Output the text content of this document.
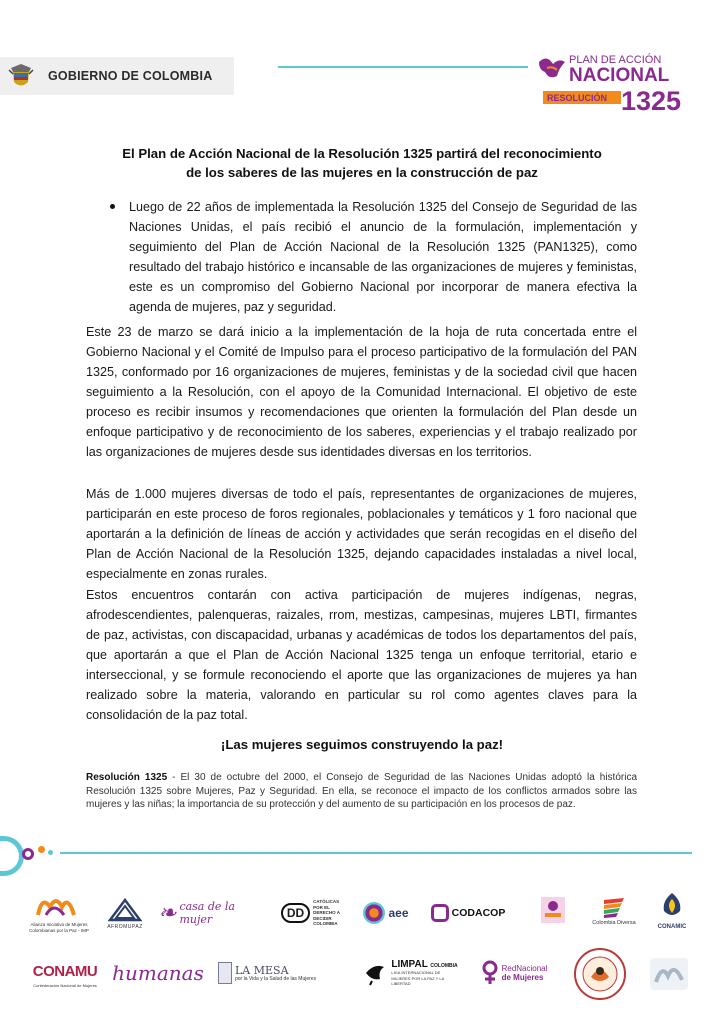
GOBIERNO DE COLOMBIA
PLAN DE ACCIÓN
NACIONAL
RESOLUCIÓN 1325
El Plan de Acción Nacional de la Resolución 1325 partirá del reconocimiento
de los saberes de las mujeres en la construcción de paz
Luego de 22 años de implementada la Resolución 1325 del Consejo de Seguridad de las Naciones Unidas, el país recibió el anuncio de la formulación, implementación y seguimiento del Plan de Acción Nacional de la Resolución 1325 (PAN1325), como resultado del trabajo histórico e incansable de las organizaciones de mujeres y feministas, este es un compromiso del Gobierno Nacional por incorporar de manera efectiva la agenda de mujeres, paz y seguridad.
Este 23 de marzo se dará inicio a la implementación de la hoja de ruta concertada entre el Gobierno Nacional y el Comité de Impulso para el proceso participativo de la formulación del PAN 1325, conformado por 16 organizaciones de mujeres, feministas y de la sociedad civil que hacen seguimiento a la Resolución, con el apoyo de la Comunidad Internacional. El objetivo de este proceso es recibir insumos y recomendaciones que orienten la formulación del Plan desde un enfoque participativo y de reconocimiento de los saberes, experiencias y el trabajo realizado por las organizaciones de mujeres desde sus identidades diversas en los territorios.
Más de 1.000 mujeres diversas de todo el país, representantes de organizaciones de mujeres, participarán en este proceso de foros regionales, poblacionales y temáticos y 1 foro nacional que aportarán a la definición de líneas de acción y actividades que serán recogidas en el diseño del Plan de Acción Nacional de la Resolución 1325, dejando capacidades instaladas a nivel local, especialmente en zonas rurales.
Estos encuentros contarán con activa participación de mujeres indígenas, negras, afrodescendientes, palenqueras, raizales, rrom, mestizas, campesinas, mujeres LBTI, firmantes de paz, activistas, con discapacidad, urbanas y académicas de todos los departamentos del país, que aportarán a que el Plan de Acción Nacional 1325 tenga un enfoque territorial, etario e interseccional, y se formule reconociendo el aporte que las organizaciones de mujeres ya han realizado sobre la materia, valorando en particular su rol como agentes claves para la consolidación de la paz total.
¡Las mujeres seguimos construyendo la paz!
Resolución 1325 - El 30 de octubre del 2000, el Consejo de Seguridad de las Naciones Unidas adoptó la histórica Resolución 1325 sobre Mujeres, Paz y Seguridad. En ella, se reconoce el impacto de los conflictos armados sobre las mujeres y las niñas; la importancia de su protección y del aumento de su participación en los procesos de paz.
Alianza Iniciativa de Mujeres Colombianas por la Paz - IMP
AFROMUPAZ
❧ casa de la mujer	DD
CATÓLICAS POR EL DERECHO A DECIDIR COLOMBIA
aee	CODACOP
Colombia Diversa
CONAMIC
CONAMU
Confederación Nacional de Mujeres
humanas	LA MESA
por la Vida y la Salud de las Mujeres
LIMPAL COLOMBIA
LIGA INTERNACIONAL DE MUJERES POR LA PAZ Y LA LIBERTAD
RedNacional
de Mujeres
